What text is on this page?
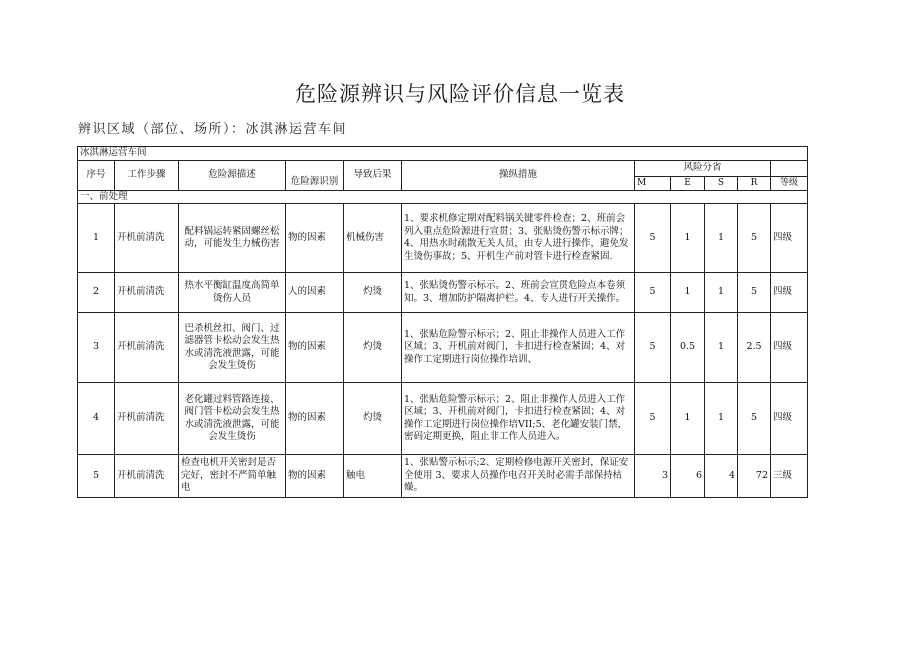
危险源辨识与风险评价信息一览表
辨识区域（部位、场所）：冰淇淋运营车间
冰淇淋运营车间										
序号	工作步骤	危险源描述	危险源识别	导致后果	操纵措施	风险分省				
						M	E	S	R	等级
一、前处理										
1	开机前清洗	配料锅运转紧固螺丝松动，可能发生力械伤害	物的因素	机械伤害	1、要求机修定期对配料锅关键零件检查；2、班前会列入重点危险源进行宣贯；3、张贴烫伤警示标示牌；4、用热水时疏散无关人员，由专人进行操作，避免发生烫伤事故；5、开机生产前对管卡进行检查紧固.	5	1	1	5	四级
2	开机前清洗	热水平衡缸温度高简单烫伤人员	人的因素	灼烫	1、张贴烫伤警示标示。2、班前会宣贯危险点本卷须知。3、增加防护隔离护栏。4、专人进行开关操作。	5	1	1	5	四级
3	开机前清洗	巴杀机丝扣、阀门、过滤器管卡松动会发生热水或清洗液泄露，可能会发生烫伤	物的因素	灼烫	1、张贴危险警示标示；2、阻止非操作人员进入工作区域；3、开机前对阀门，卡扣进行检查紧固；4、对操作工定期进行岗位操作培训、	5	0.5	1	2.5	四级
4	开机前清洗	老化罐过料管路连接、阀门管卡松动会发生热水或清洗液泄露，可能会发生烫伤	物的因素	灼烫	1、张贴危险警示标示；2、阻止非操作人员进入工作区域；3、开机前对阀门，卡扣进行检查紧固；4、对操作工定期进行岗位操作培VII;5、老化罐安装门禁，密码定期更换，阻止非工作人员进入。	5	1	1	5	四级
5	开机前清洗	检查电机开关密封是否完好，密封不严简单触电	物的因素	触电	1、张贴警示标示;2、定期检修电源开关密封，保证安全使用 3、要求人员操作电召开关时必需手部保持枯燥。	3	6	4	72	三级
